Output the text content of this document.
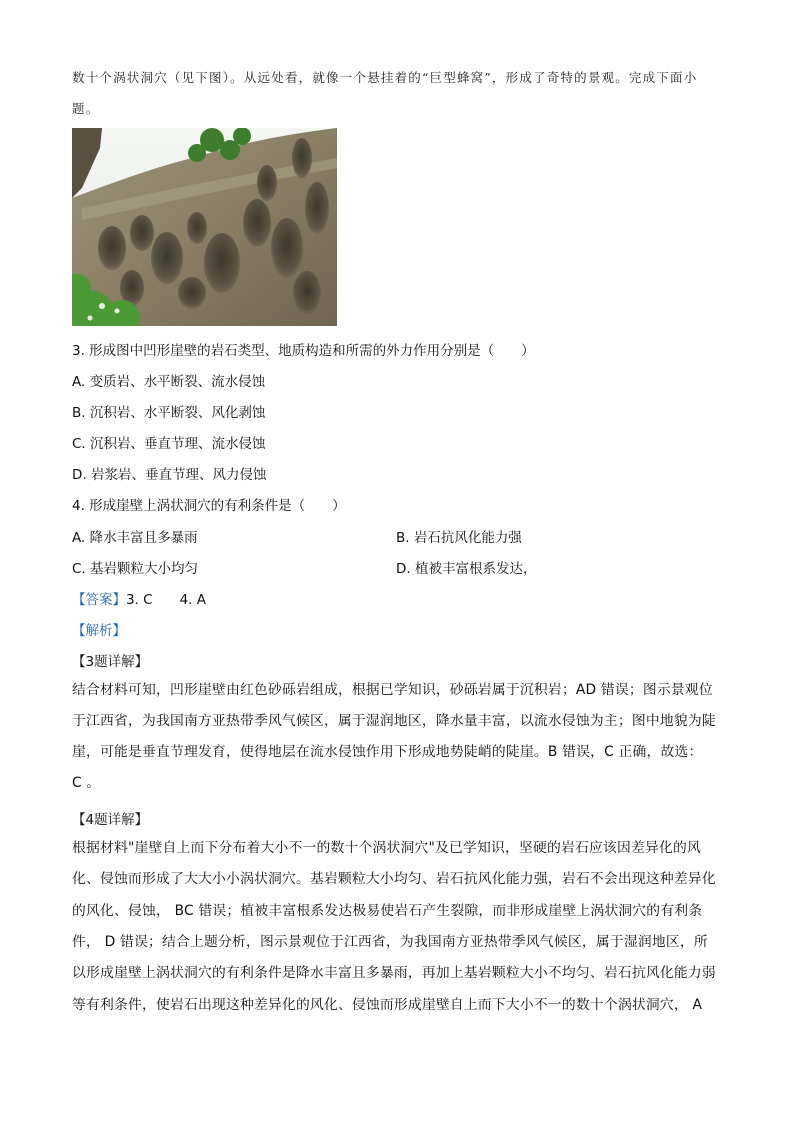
数十个涡状洞穴（见下图）。从远处看，就像一个悬挂着的“巨型蜂窝”，形成了奇特的景观。完成下面小
题。
3. 形成图中凹形崖壁的岩石类型、地质构造和所需的外力作用分别是（　　）
A. 变质岩、水平断裂、流水侵蚀
B. 沉积岩、水平断裂、风化剥蚀
C. 沉积岩、垂直节理、流水侵蚀
D. 岩浆岩、垂直节理、风力侵蚀
4. 形成崖壁上涡状洞穴的有利条件是（　　）
A. 降水丰富且多暴雨	B. 岩石抗风化能力强
C. 基岩颗粒大小均匀	D. 植被丰富根系发达，
【答案】3. C　　4. A
【解析】
【3题详解】
结合材料可知，凹形崖壁由红色砂砾岩组成，根据已学知识，砂砾岩属于沉积岩；AD 错误；图示景观位
于江西省，为我国南方亚热带季风气候区，属于湿润地区，降水量丰富，以流水侵蚀为主；图中地貌为陡
崖，可能是垂直节理发育，使得地层在流水侵蚀作用下形成地势陡峭的陡崖。B 错误，C 正确，故选：
C 。
【4题详解】
根据材料"崖壁自上而下分布着大小不一的数十个涡状洞穴"及已学知识，坚硬的岩石应该因差异化的风
化、侵蚀而形成了大大小小涡状洞穴。基岩颗粒大小均匀、岩石抗风化能力强，岩石不会出现这种差异化
的风化、侵蚀， BC 错误；植被丰富根系发达极易使岩石产生裂隙，而非形成崖壁上涡状洞穴的有利条
件， D 错误；结合上题分析，图示景观位于江西省，为我国南方亚热带季风气候区，属于湿润地区，所
以形成崖壁上涡状洞穴的有利条件是降水丰富且多暴雨，再加上基岩颗粒大小不均匀、岩石抗风化能力弱
等有利条件，使岩石出现这种差异化的风化、侵蚀而形成崖壁自上而下大小不一的数十个涡状洞穴， A
